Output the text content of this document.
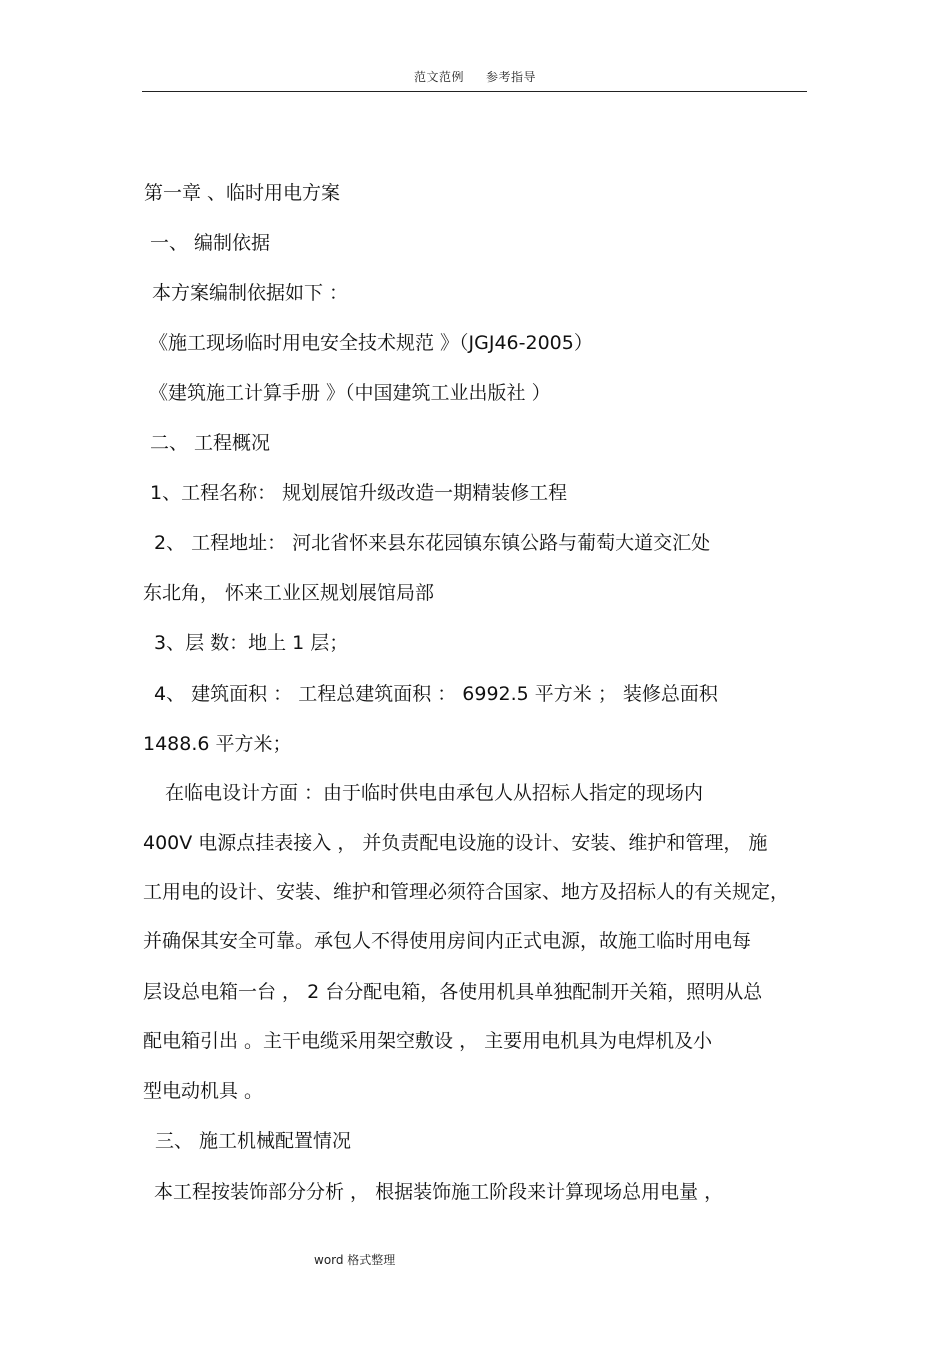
范文范例 参考指导
第一章 、临时用电方案
一、 编制依据
本方案编制依据如下 ：
《施工现场临时用电安全技术规范 》（JGJ46-2005）
《建筑施工计算手册 》（中国建筑工业出版社 ）
二、 工程概况
1、工程名称： 规划展馆升级改造一期精装修工程
2、 工程地址： 河北省怀来县东花园镇东镇公路与葡萄大道交汇处
东北角， 怀来工业区规划展馆局部
3、层 数：地上 1 层；
4、 建筑面积 ： 工程总建筑面积 ： 6992.5 平方米 ； 装修总面积
1488.6 平方米；
在临电设计方面 ：由于临时供电由承包人从招标人指定的现场内
400V 电源点挂表接入 ， 并负责配电设施的设计、安装、维护和管理， 施
工用电的设计、安装、维护和管理必须符合国家、地方及招标人的有关规定，
并确保其安全可靠。承包人不得使用房间内正式电源，故施工临时用电每
层设总电箱一台 ， 2 台分配电箱，各使用机具单独配制开关箱，照明从总
配电箱引出 。主干电缆采用架空敷设 ， 主要用电机具为电焊机及小
型电动机具 。
三、 施工机械配置情况
本工程按装饰部分分析 ， 根据装饰施工阶段来计算现场总用电量 ，
word 格式整理
